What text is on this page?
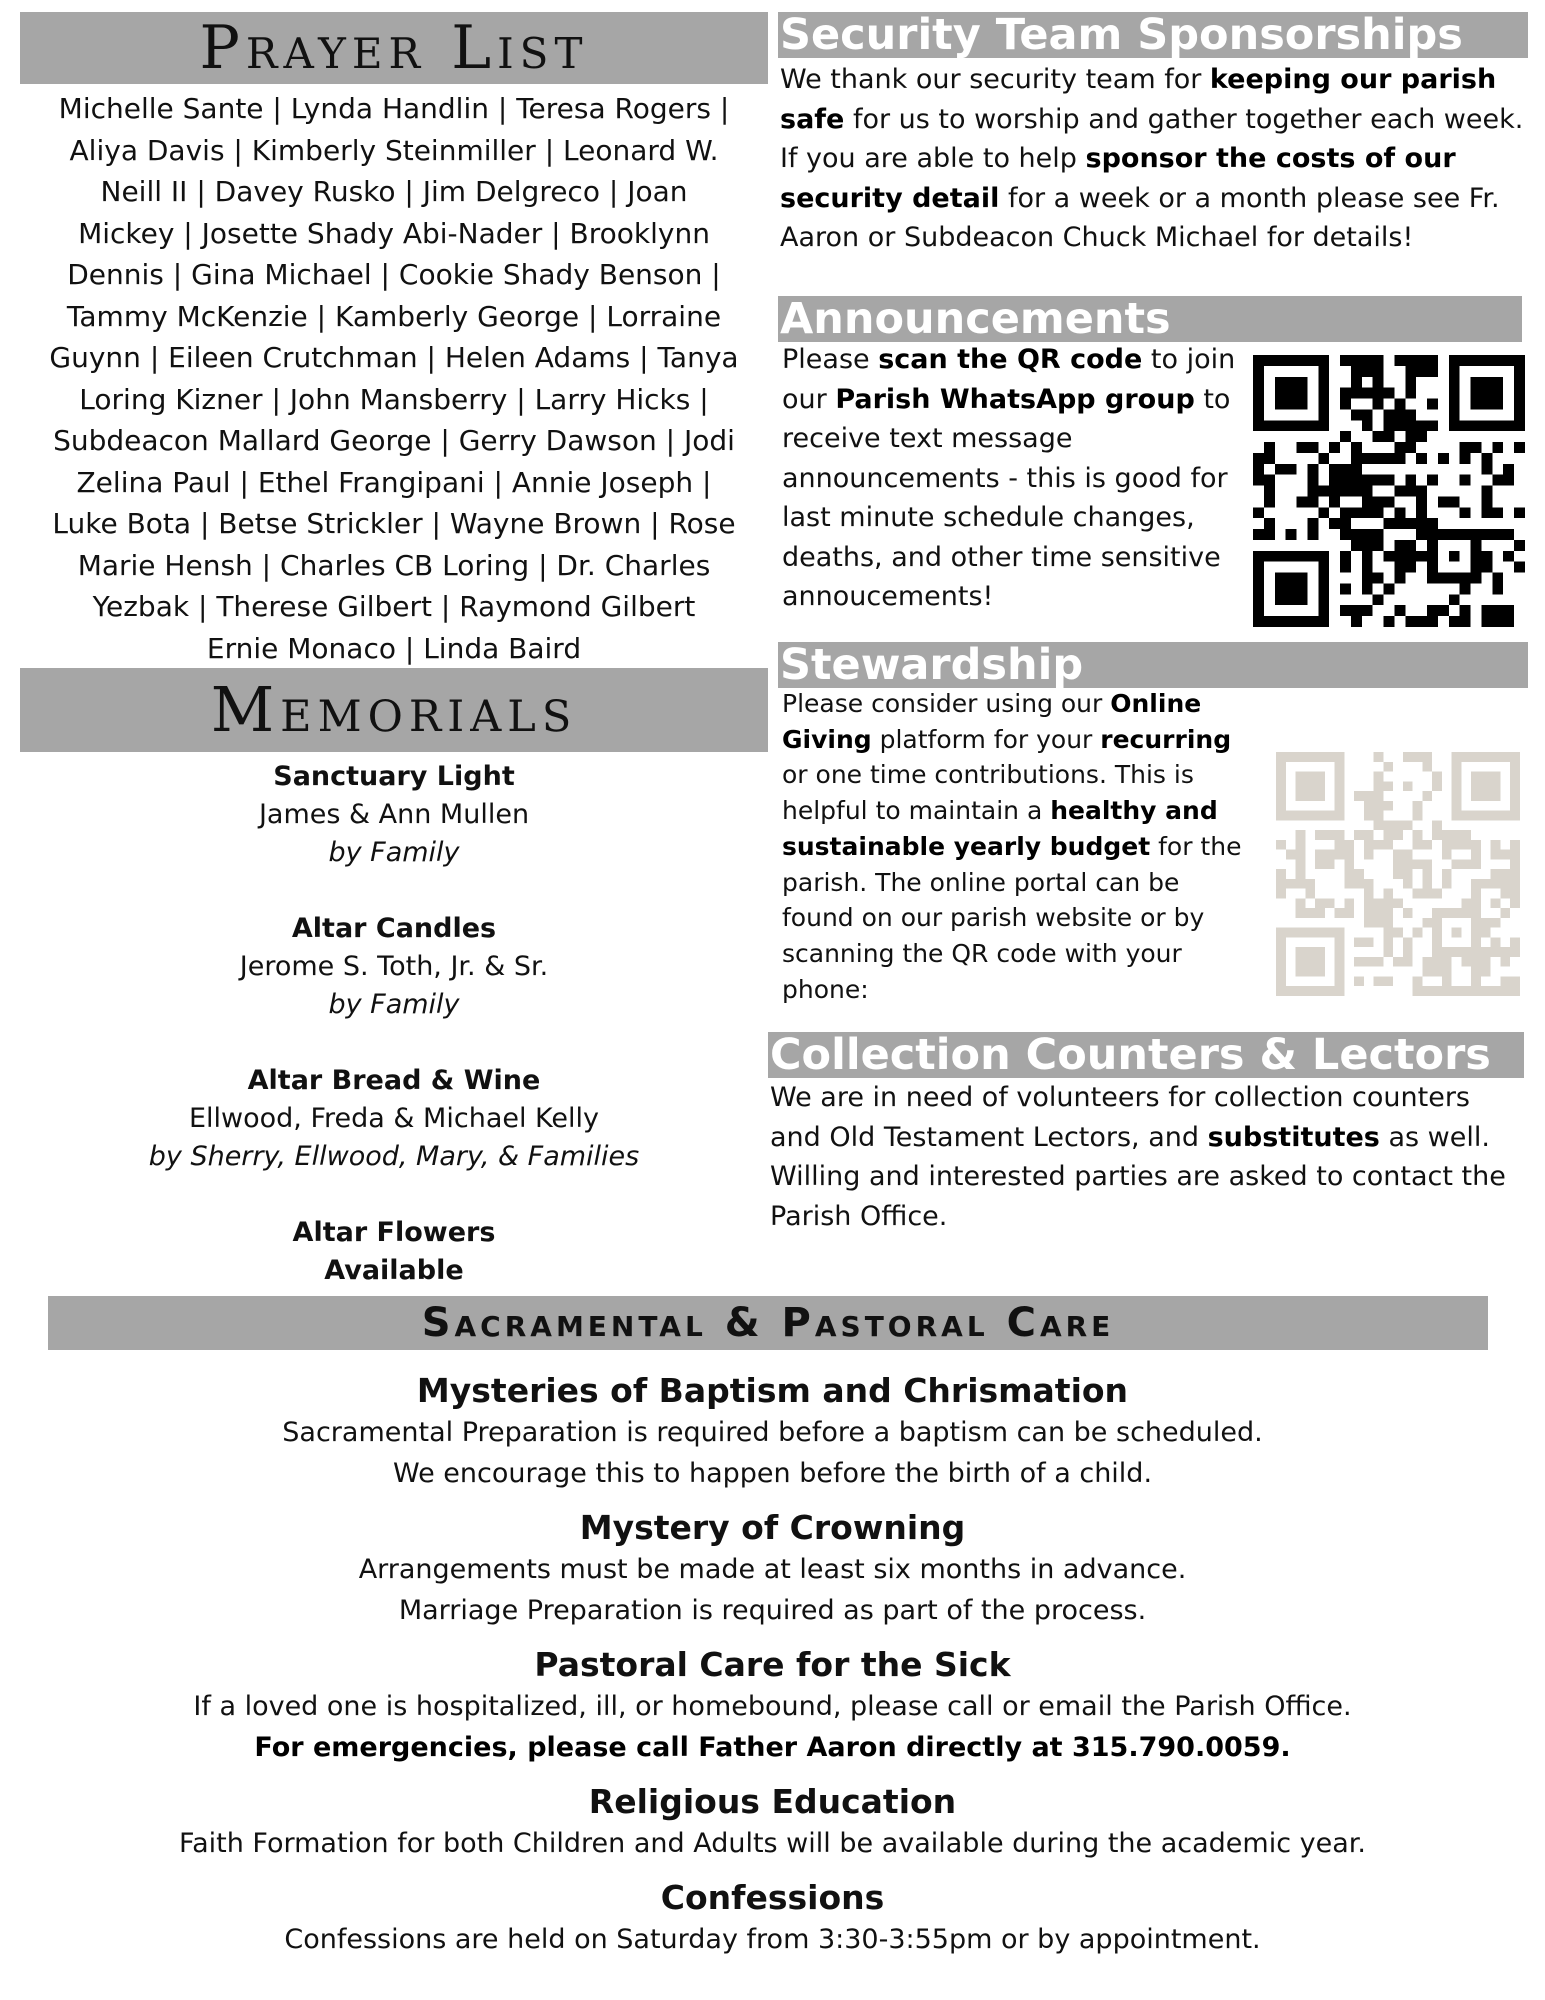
Prayer List
Michelle Sante | Lynda Handlin | Teresa Rogers |
Aliya Davis | Kimberly Steinmiller | Leonard W.
Neill II | Davey Rusko | Jim Delgreco | Joan
Mickey | Josette Shady Abi-Nader | Brooklynn
Dennis | Gina Michael | Cookie Shady Benson |
Tammy McKenzie | Kamberly George | Lorraine
Guynn | Eileen Crutchman | Helen Adams | Tanya
Loring Kizner | John Mansberry | Larry Hicks |
Subdeacon Mallard George | Gerry Dawson | Jodi
Zelina Paul | Ethel Frangipani | Annie Joseph |
Luke Bota | Betse Strickler | Wayne Brown | Rose
Marie Hensh | Charles CB Loring | Dr. Charles
Yezbak | Therese Gilbert | Raymond Gilbert
Ernie Monaco | Linda Baird
Memorials
Sanctuary Light
James & Ann Mullen
by Family
Altar Candles
Jerome S. Toth, Jr. & Sr.
by Family
Altar Bread & Wine
Ellwood, Freda & Michael Kelly
by Sherry, Ellwood, Mary, & Families
Altar Flowers
Available
Security Team Sponsorships
We thank our security team for keeping our parish safe for us to worship and gather together each week. If you are able to help sponsor the costs of our security detail for a week or a month please see Fr. Aaron or Subdeacon Chuck Michael for details!
Announcements
Please scan the QR code to join our Parish WhatsApp group to receive text message announcements - this is good for last minute schedule changes, deaths, and other time sensitive annoucements!
Stewardship
Please consider using our Online Giving platform for your recurring or one time contributions. This is helpful to maintain a healthy and sustainable yearly budget for the parish. The online portal can be found on our parish website or by scanning the QR code with your phone:
Collection Counters & Lectors
We are in need of volunteers for collection counters and Old Testament Lectors, and substitutes as well. Willing and interested parties are asked to contact the Parish Office.
Sacramental & Pastoral Care
Mysteries of Baptism and Chrismation
Sacramental Preparation is required before a baptism can be scheduled.
We encourage this to happen before the birth of a child.
Mystery of Crowning
Arrangements must be made at least six months in advance.
Marriage Preparation is required as part of the process.
Pastoral Care for the Sick
If a loved one is hospitalized, ill, or homebound, please call or email the Parish Office.
For emergencies, please call Father Aaron directly at 315.790.0059.
Religious Education
Faith Formation for both Children and Adults will be available during the academic year.
Confessions
Confessions are held on Saturday from 3:30-3:55pm or by appointment.
